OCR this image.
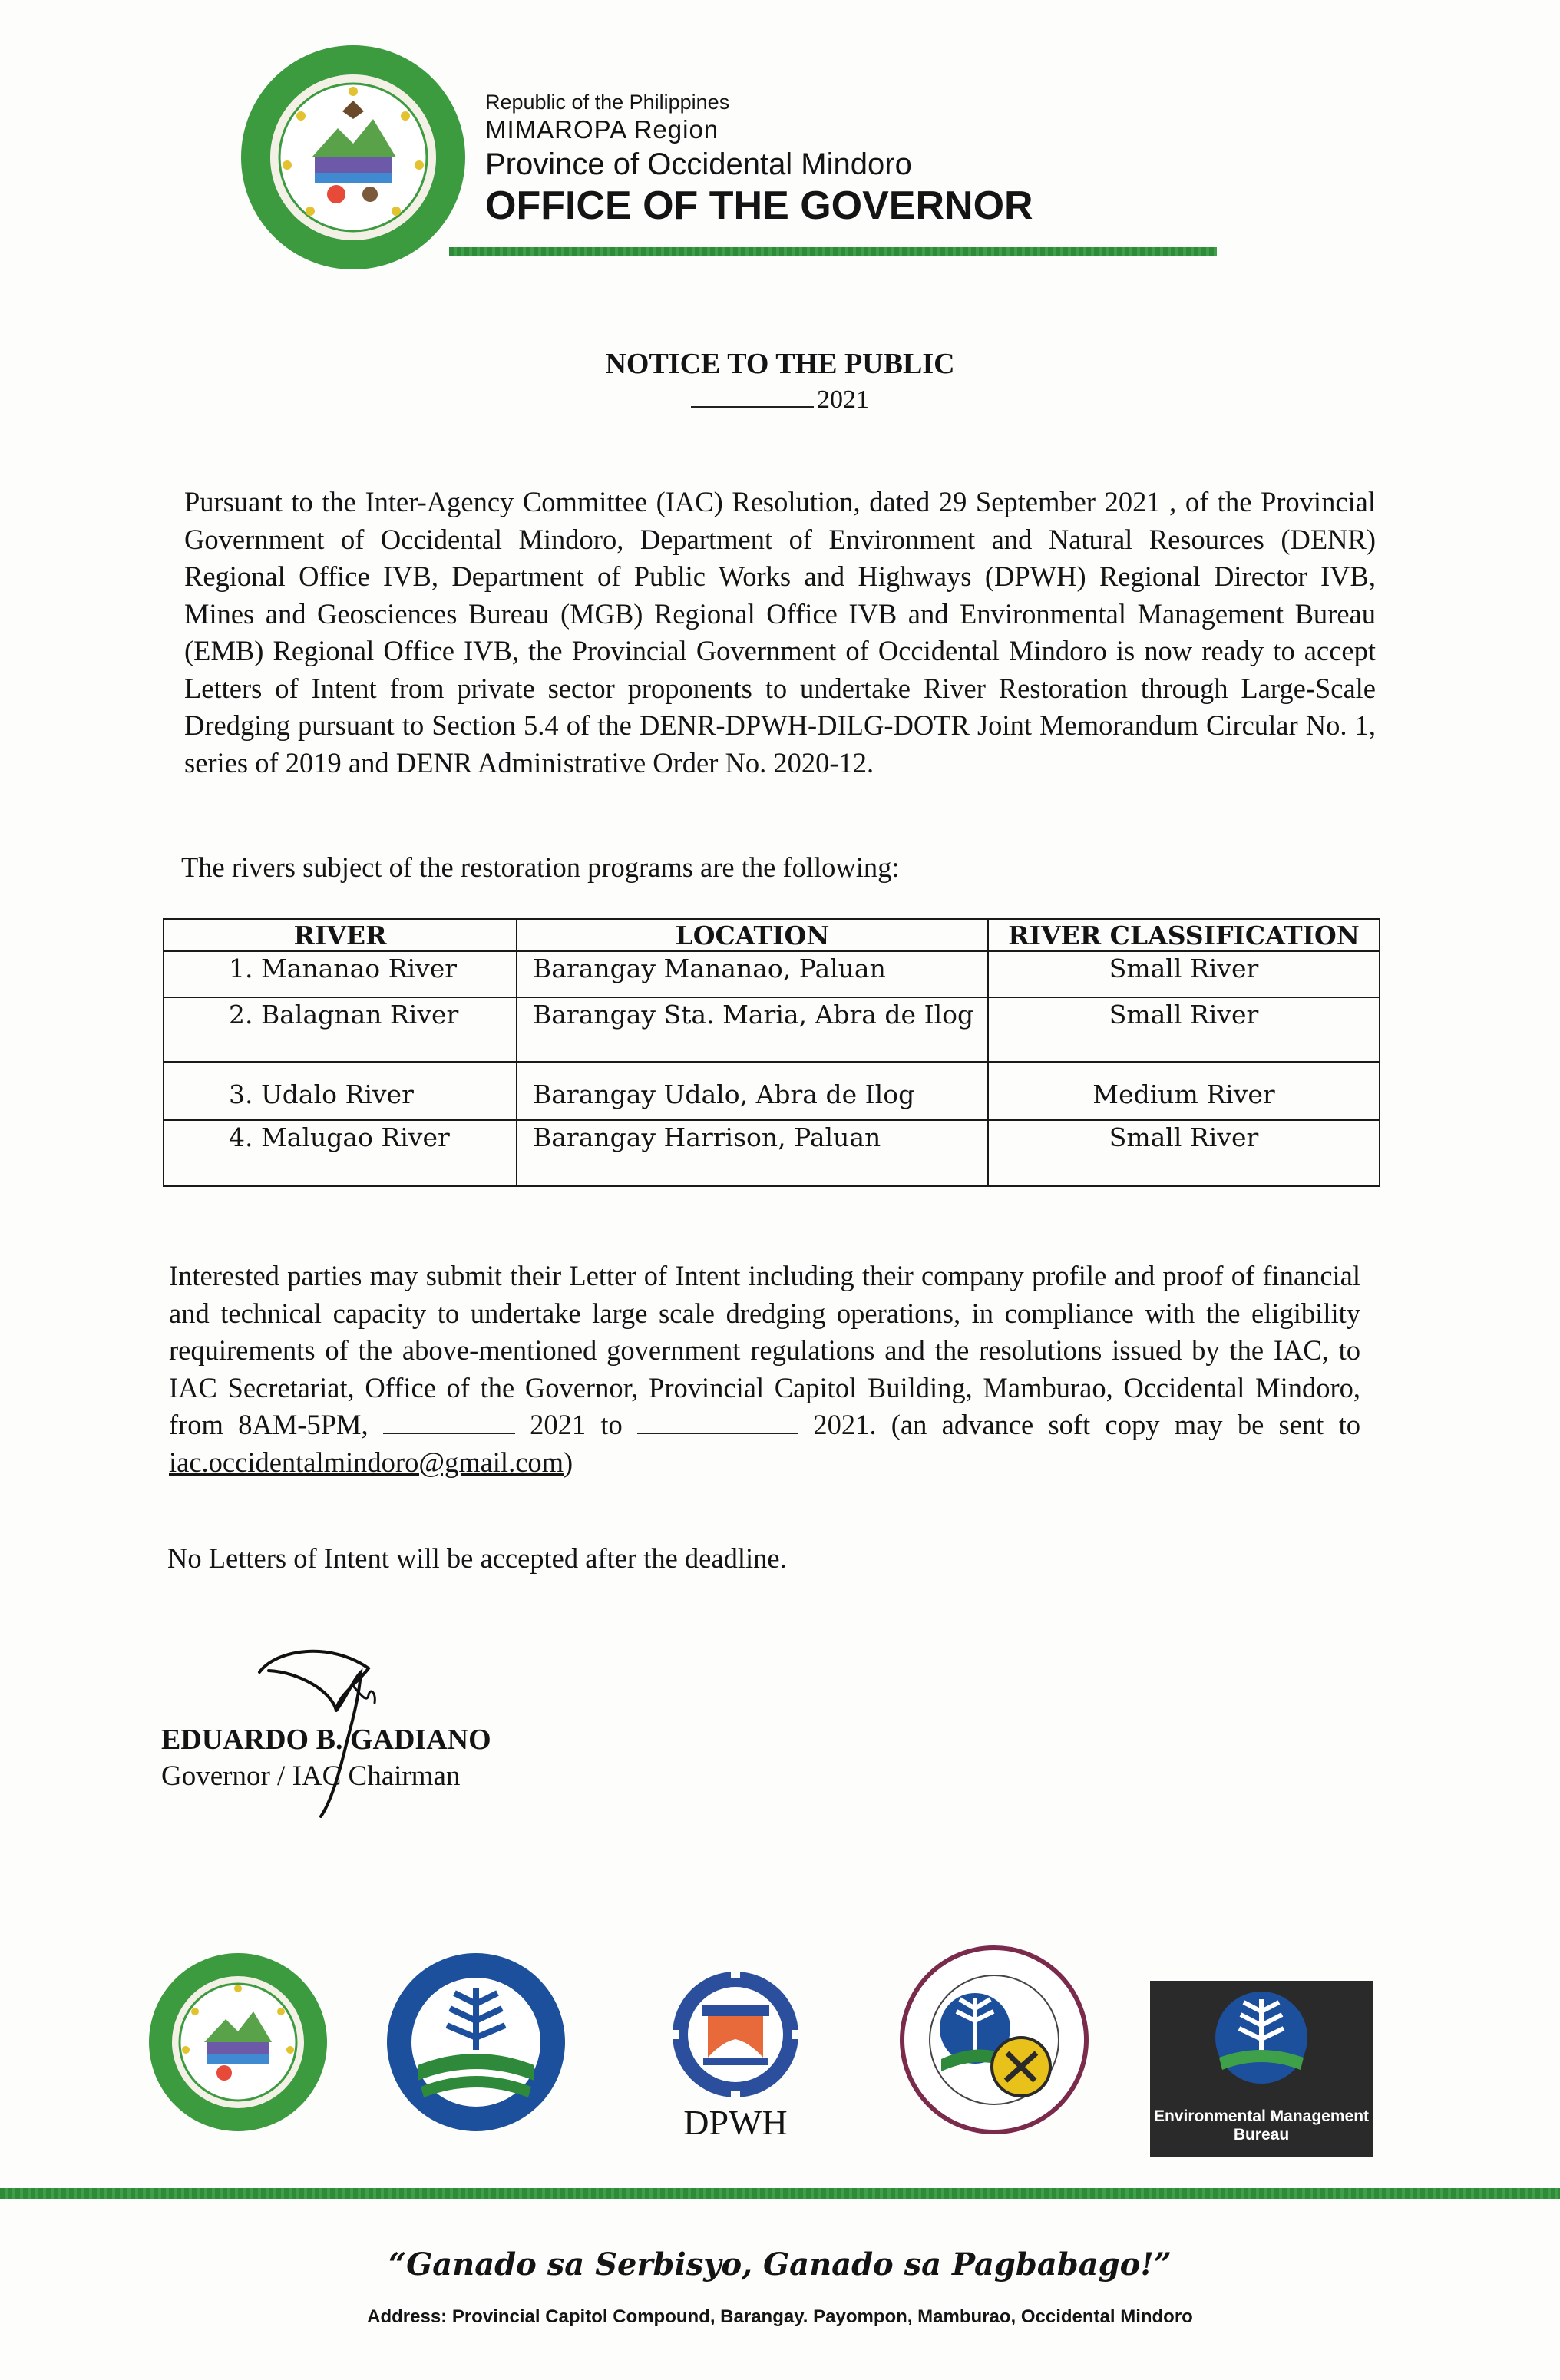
Republic of the Philippines
MIMAROPA Region
Province of Occidental Mindoro
OFFICE OF THE GOVERNOR
NOTICE TO THE PUBLIC
2021
Pursuant to the Inter-Agency Committee (IAC) Resolution, dated 29 September 2021 , of the Provincial Government of Occidental Mindoro, Department of Environment and Natural Resources (DENR) Regional Office IVB, Department of Public Works and Highways (DPWH) Regional Director IVB, Mines and Geosciences Bureau (MGB) Regional Office IVB and Environmental Management Bureau (EMB) Regional Office IVB, the Provincial Government of Occidental Mindoro is now ready to accept Letters of Intent from private sector proponents to undertake River Restoration through Large-Scale Dredging pursuant to Section 5.4 of the DENR-DPWH-DILG-DOTR Joint Memorandum Circular No. 1, series of 2019 and DENR Administrative Order No. 2020-12.
The rivers subject of the restoration programs are the following:
RIVER	LOCATION	RIVER CLASSIFICATION
1. Mananao River	Barangay Mananao, Paluan	Small River
2. Balagnan River	Barangay Sta. Maria, Abra de Ilog	Small River
3. Udalo River	Barangay Udalo, Abra de Ilog	Medium River
4. Malugao River	Barangay Harrison, Paluan	Small River
Interested parties may submit their Letter of Intent including their company profile and proof of financial and technical capacity to undertake large scale dredging operations, in compliance with the eligibility requirements of the above-mentioned government regulations and the resolutions issued by the IAC, to IAC Secretariat, Office of the Governor, Provincial Capitol Building, Mamburao, Occidental Mindoro, from 8AM-5PM,	2021 to	2021. (an advance soft copy may be sent to iac.occidentalmindoro@gmail.com)
No Letters of Intent will be accepted after the deadline.
EDUARDO B. GADIANO
Governor / IAC Chairman
DPWH	Environmental Management
Bureau
“Ganado sa Serbisyo, Ganado sa Pagbabago!”
Address: Provincial Capitol Compound, Barangay. Payompon, Mamburao, Occidental Mindoro
